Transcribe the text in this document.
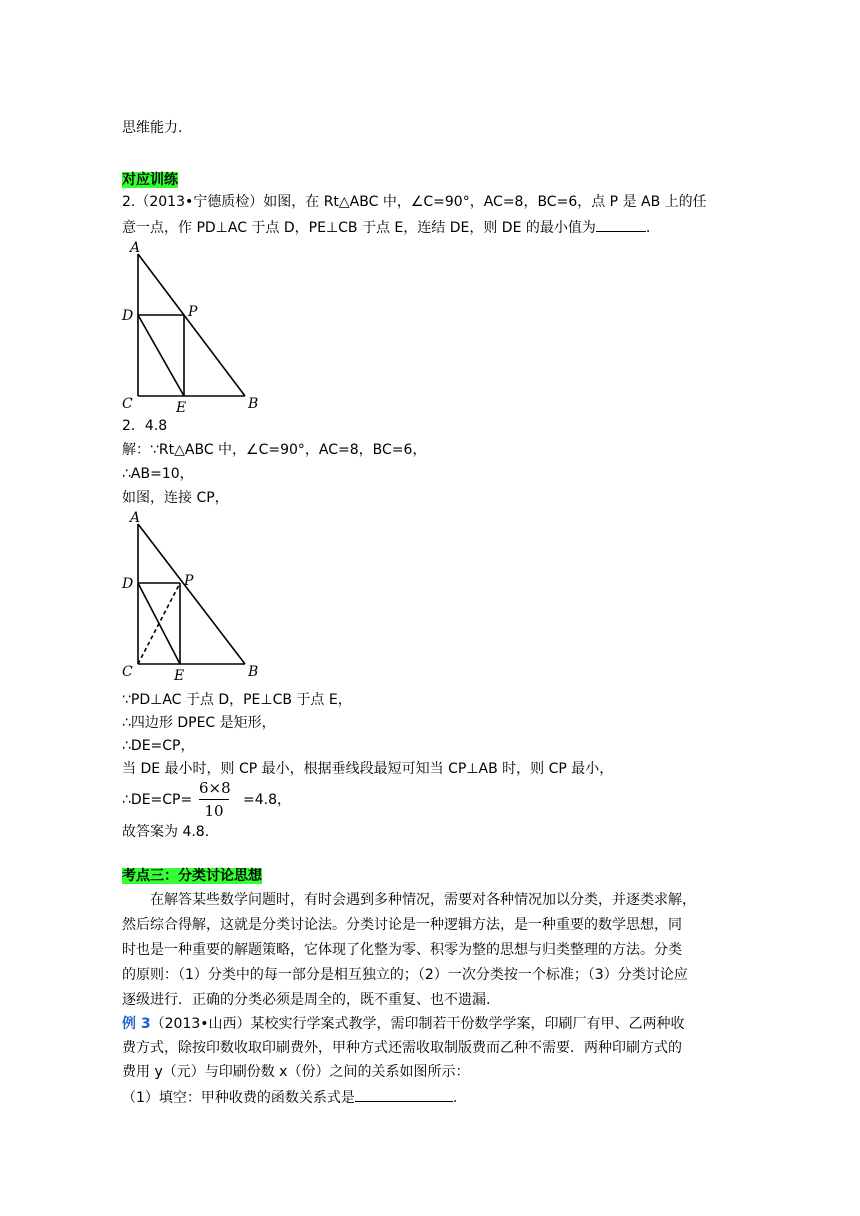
思维能力.
对应训练
2.（2013•宁德质检）如图，在 Rt△ABC 中，∠C=90°，AC=8，BC=6，点 P 是 AB 上的任
意一点，作 PD⊥AC 于点 D，PE⊥CB 于点 E，连结 DE，则 DE 的最小值为	.
A
D	P
C	E	B
2．4.8
解：∵Rt△ABC 中，∠C=90°，AC=8，BC=6，
∴AB=10，
如图，连接 CP，
A
D	P
C	E	B
∵PD⊥AC 于点 D，PE⊥CB 于点 E，
∴四边形 DPEC 是矩形，
∴DE=CP，
当 DE 最小时，则 CP 最小，根据垂线段最短可知当 CP⊥AB 时，则 CP 最小，
∴DE=CP=
6×8
10
=4.8，
故答案为 4.8.
考点三：分类讨论思想
在解答某些数学问题时，有时会遇到多种情况，需要对各种情况加以分类，并逐类求解，
然后综合得解，这就是分类讨论法。分类讨论是一种逻辑方法，是一种重要的数学思想，同
时也是一种重要的解题策略，它体现了化整为零、积零为整的思想与归类整理的方法。分类
的原则：（1）分类中的每一部分是相互独立的；（2）一次分类按一个标准；（3）分类讨论应
逐级进行．正确的分类必须是周全的，既不重复、也不遗漏.
例 3（2013•山西）某校实行学案式教学，需印制若干份数学学案，印刷厂有甲、乙两种收
费方式，除按印数收取印刷费外，甲种方式还需收取制版费而乙种不需要．两种印刷方式的
费用 y（元）与印刷份数 x（份）之间的关系如图所示：
（1）填空：甲种收费的函数关系式是	.
